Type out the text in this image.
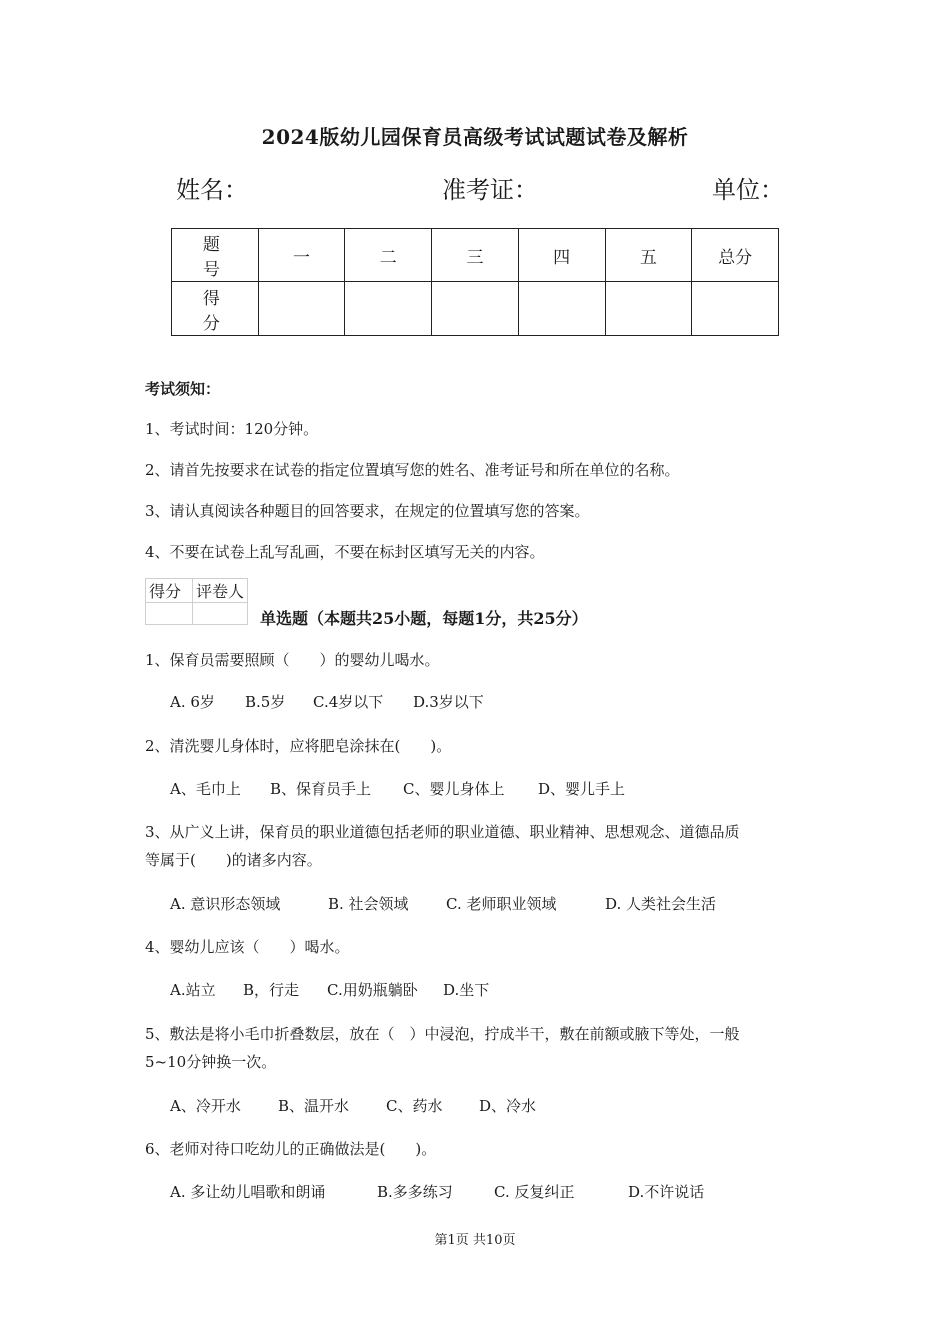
2024版幼儿园保育员高级考试试题试卷及解析
姓名：	准考证：	单位：
题　号	一	二	三	四	五	总分
得　分						
考试须知：
1、考试时间：120分钟。
2、请首先按要求在试卷的指定位置填写您的姓名、准考证号和所在单位的名称。
3、请认真阅读各种题目的回答要求，在规定的位置填写您的答案。
4、不要在试卷上乱写乱画，不要在标封区填写无关的内容。
得分	评卷人

单选题（本题共25小题，每题1分，共25分）
1、保育员需要照顾（　　）的婴幼儿喝水。
A. 6岁 B.5岁 C.4岁以下 D.3岁以下
2、清洗婴儿身体时，应将肥皂涂抹在(　　)。
A、毛巾上 B、保育员手上 C、婴儿身体上 D、婴儿手上
3、从广义上讲，保育员的职业道德包括老师的职业道德、职业精神、思想观念、道德品质
等属于(　　)的诸多内容。
A. 意识形态领域	B. 社会领域 C. 老师职业领域	D. 人类社会生活
4、婴幼儿应该（　　）喝水。
A.站立 B，行走 C.用奶瓶躺卧 D.坐下
5、敷法是将小毛巾折叠数层，放在（　）中浸泡，拧成半干，敷在前额或腋下等处，一般
5~10分钟换一次。
A、冷开水 B、温开水 C、药水 D、冷水
6、老师对待口吃幼儿的正确做法是(　　)。
A. 多让幼儿唱歌和朗诵	B.多多练习	C. 反复纠正	D.不许说话
第1页 共10页
